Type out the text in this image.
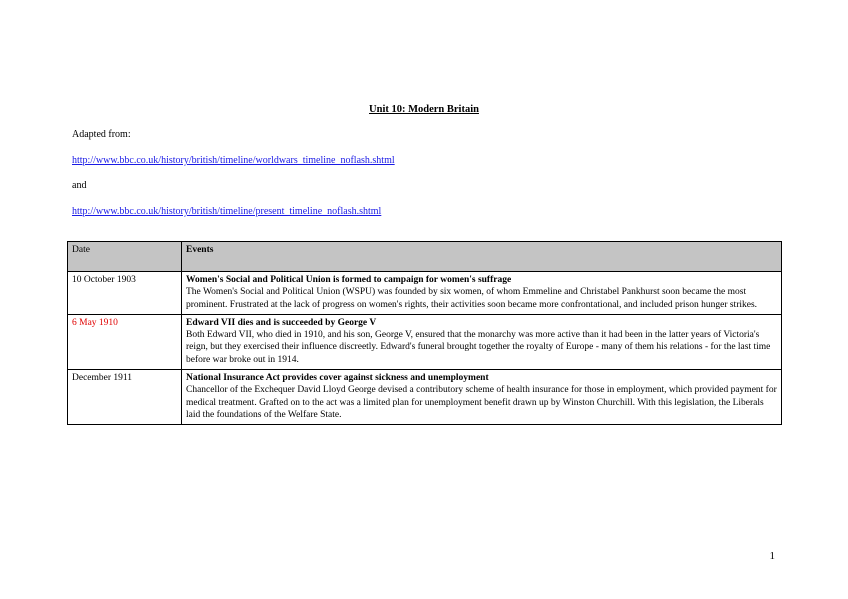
Unit 10: Modern Britain
Adapted from:
http://www.bbc.co.uk/history/british/timeline/worldwars_timeline_noflash.shtml
and
http://www.bbc.co.uk/history/british/timeline/present_timeline_noflash.shtml
Date	Events
10 October 1903	Women's Social and Political Union is formed to campaign for women's suffrage
The Women's Social and Political Union (WSPU) was founded by six women, of whom Emmeline and Christabel Pankhurst soon became the most prominent. Frustrated at the lack of progress on women's rights, their activities soon became more confrontational, and included prison hunger strikes.

6 May 1910	Edward VII dies and is succeeded by George V
Both Edward VII, who died in 1910, and his son, George V, ensured that the monarchy was more active than it had been in the latter years of Victoria's reign, but they exercised their influence discreetly. Edward's funeral brought together the royalty of Europe - many of them his relations - for the last time before war broke out in 1914.

December 1911	National Insurance Act provides cover against sickness and unemployment
Chancellor of the Exchequer David Lloyd George devised a contributory scheme of health insurance for those in employment, which provided payment for medical treatment. Grafted on to the act was a limited plan for unemployment benefit drawn up by Winston Churchill. With this legislation, the Liberals laid the foundations of the Welfare State.
1
